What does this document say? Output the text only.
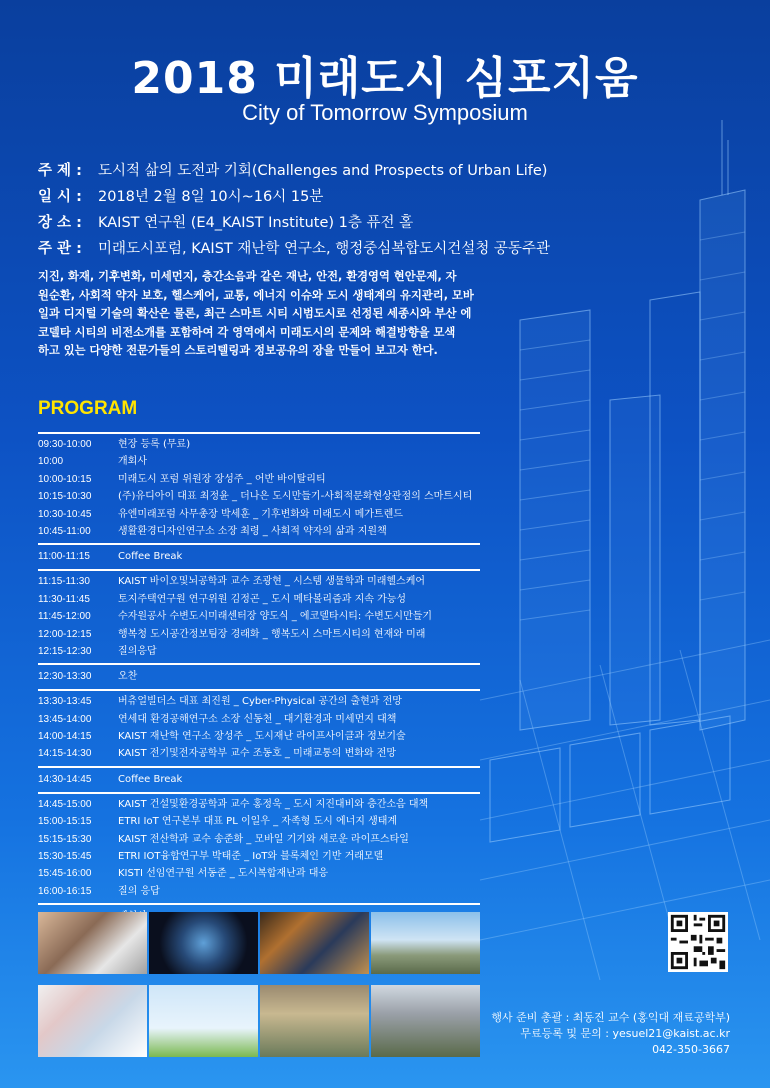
2018 미래도시 심포지움
City of Tomorrow Symposium
주 제 : 도시적 삶의 도전과 기회(Challenges and Prospects of Urban Life)
일 시 : 2018년 2월 8일 10시~16시 15분
장 소 : KAIST 연구원 (E4_KAIST Institute) 1층 퓨전 홀
주 관 : 미래도시포럼, KAIST 재난학 연구소, 행정중심복합도시건설청 공동주관
지진, 화재, 기후변화, 미세먼지, 층간소음과 같은 재난, 안전, 환경영역 현안문제, 자
원순환, 사회적 약자 보호, 헬스케어, 교통, 에너지 이슈와 도시 생태계의 유지관리, 모바
일과 디지털 기술의 확산은 물론, 최근 스마트 시티 시범도시로 선정된 세종시와 부산 에
코델타 시티의 비전소개를 포함하여 각 영역에서 미래도시의 문제와 해결방향을 모색
하고 있는 다양한 전문가들의 스토리텔링과 정보공유의 장을 만들어 보고자 한다.
PROGRAM
09:30-10:00	현장 등록 (무료)
10:00	개회사
10:00-10:15	미래도시 포럼 위원장 장성주 _ 어반 바이탈리티
10:15-10:30	(주)유디아이 대표 최정윤 _ 더나은 도시만들기-사회적문화현상관점의 스마트시티
10:30-10:45	유엔미래포럼 사무총장 박세훈 _ 기후변화와 미래도시 메가트렌드
10:45-11:00	생활환경디자인연구소 소장 최령 _ 사회적 약자의 삶과 지원책
11:00-11:15	Coffee Break
11:15-11:30	KAIST 바이오및뇌공학과 교수 조광현 _ 시스템 생물학과 미래헬스케어
11:30-11:45	토지주택연구원 연구위원 김정곤 _ 도시 메타볼리즘과 지속 가능성
11:45-12:00	수자원공사 수변도시미래센터장 양도식 _ 에코델타시티: 수변도시만들기
12:00-12:15	행복청 도시공간정보팀장 경래화 _ 행복도시 스마트시티의 현재와 미래
12:15-12:30	질의응답
12:30-13:30	오찬
13:30-13:45	버츄얼빌더스 대표 최진원 _ Cyber-Physical 공간의 출현과 전망
13:45-14:00	연세대 환경공해연구소 소장 신동천 _ 대기환경과 미세먼지 대책
14:00-14:15	KAIST 재난학 연구소 장성주 _ 도시재난 라이프사이클과 정보기술
14:15-14:30	KAIST 전기및전자공학부 교수 조동호 _ 미래교통의 변화와 전망
14:30-14:45	Coffee Break
14:45-15:00	KAIST 건설및환경공학과 교수 홍정욱 _ 도시 지진대비와 층간소음 대책
15:00-15:15	ETRI IoT 연구본부 대표 PL 이일우 _ 자족형 도시 에너지 생태계
15:15-15:30	KAIST 전산학과 교수 송준화 _ 모바일 기기와 새로운 라이프스타일
15:30-15:45	ETRI IOT융합연구부 박태준 _ IoT와 블록체인 기반 거래모델
15:45-16:00	KISTI 선임연구원 서동준 _ 도시복합재난과 대응
16:00-16:15	질의 응답
행사 준비 총괄 : 최동진 교수 (홍익대 재료공학부)
무료등록 및 문의 : yesuel21@kaist.ac.kr
042-350-3667
